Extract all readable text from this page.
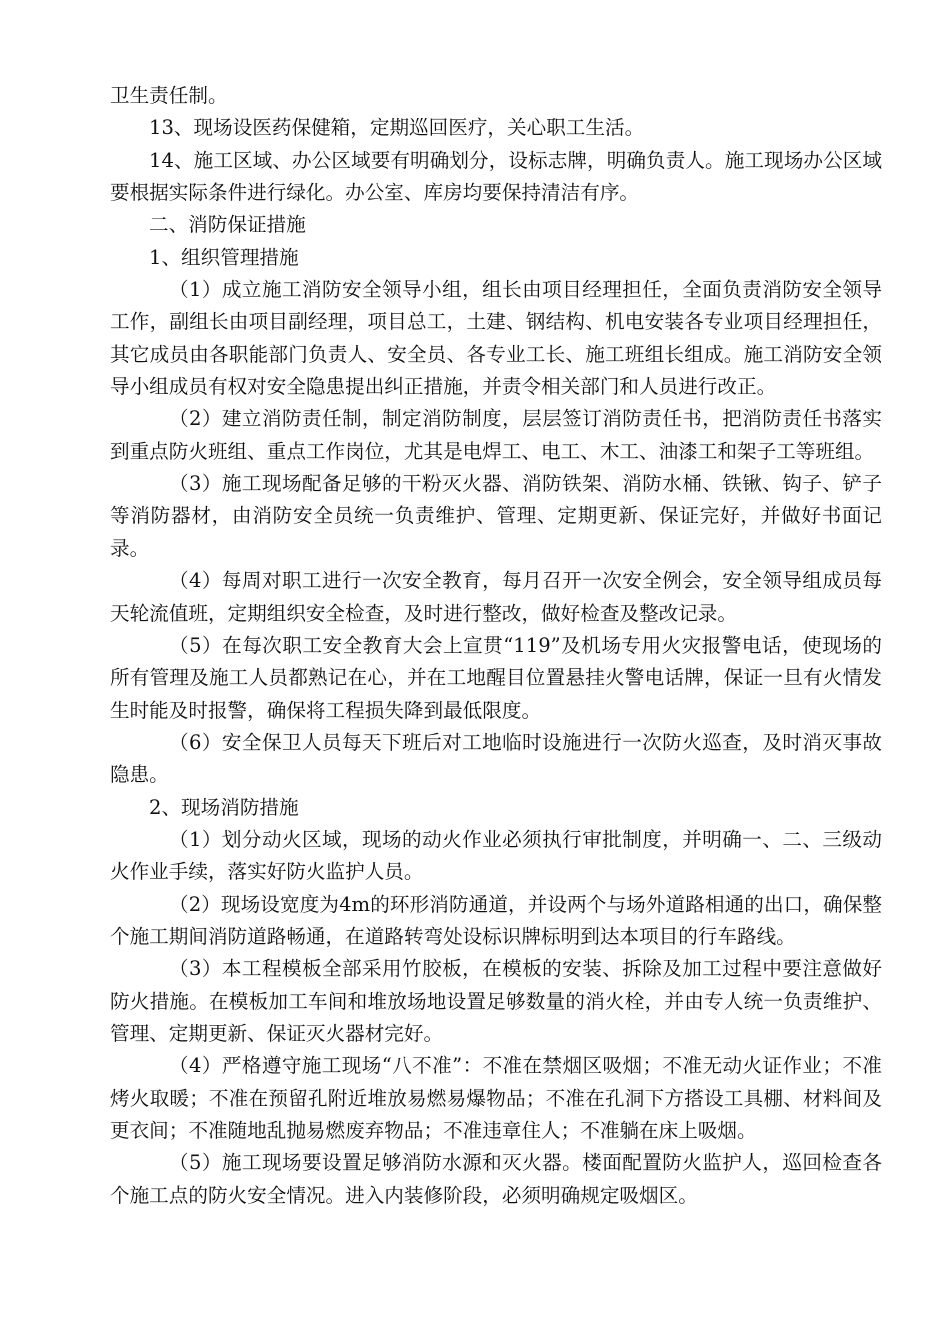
卫生责任制。

13、现场设医药保健箱，定期巡回医疗，关心职工生活。

14、施工区域、办公区域要有明确划分，设标志牌，明确负责人。施工现场办公区域要根据实际条件进行绿化。办公室、库房均要保持清洁有序。

二、消防保证措施

1、组织管理措施

（1）成立施工消防安全领导小组，组长由项目经理担任，全面负责消防安全领导工作，副组长由项目副经理，项目总工，土建、钢结构、机电安装各专业项目经理担任，其它成员由各职能部门负责人、安全员、各专业工长、施工班组长组成。施工消防安全领导小组成员有权对安全隐患提出纠正措施，并责令相关部门和人员进行改正。

（2）建立消防责任制，制定消防制度，层层签订消防责任书，把消防责任书落实到重点防火班组、重点工作岗位，尤其是电焊工、电工、木工、油漆工和架子工等班组。

（3）施工现场配备足够的干粉灭火器、消防铁架、消防水桶、铁锹、钩子、铲子等消防器材，由消防安全员统一负责维护、管理、定期更新、保证完好，并做好书面记录。

（4）每周对职工进行一次安全教育，每月召开一次安全例会，安全领导组成员每天轮流值班，定期组织安全检查，及时进行整改，做好检查及整改记录。

（5）在每次职工安全教育大会上宣贯“119”及机场专用火灾报警电话，使现场的所有管理及施工人员都熟记在心，并在工地醒目位置悬挂火警电话牌，保证一旦有火情发生时能及时报警，确保将工程损失降到最低限度。

（6）安全保卫人员每天下班后对工地临时设施进行一次防火巡查，及时消灭事故隐患。

2、现场消防措施

（1）划分动火区域，现场的动火作业必须执行审批制度，并明确一、二、三级动火作业手续，落实好防火监护人员。

（2）现场设宽度为4m的环形消防通道，并设两个与场外道路相通的出口，确保整个施工期间消防道路畅通，在道路转弯处设标识牌标明到达本项目的行车路线。

（3）本工程模板全部采用竹胶板，在模板的安装、拆除及加工过程中要注意做好防火措施。在模板加工车间和堆放场地设置足够数量的消火栓，并由专人统一负责维护、管理、定期更新、保证灭火器材完好。

（4）严格遵守施工现场“八不准”：不准在禁烟区吸烟；不准无动火证作业；不准烤火取暖；不准在预留孔附近堆放易燃易爆物品；不准在孔洞下方搭设工具棚、材料间及更衣间；不准随地乱抛易燃废弃物品；不准违章住人；不准躺在床上吸烟。

（5）施工现场要设置足够消防水源和灭火器。楼面配置防火监护人，巡回检查各个施工点的防火安全情况。进入内装修阶段，必须明确规定吸烟区。
